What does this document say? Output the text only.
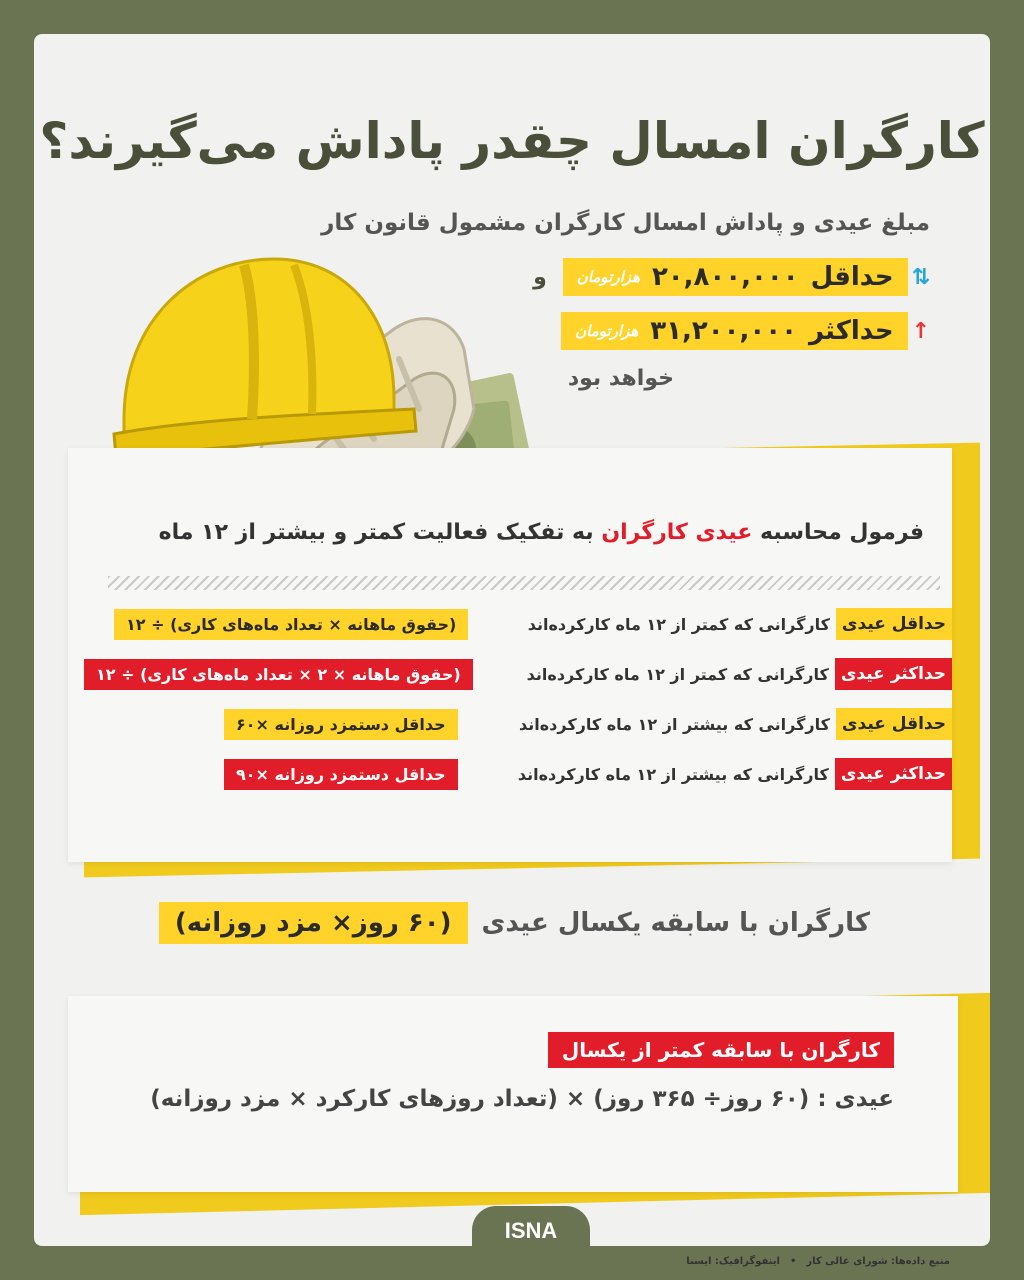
کارگران امسال چقدر پاداش می‌گیرند؟
مبلغ عیدی و پاداش امسال کارگران مشمول قانون کار
⇅
حداقل
۲۰,۸۰۰,۰۰۰
هزارتومان
و
↑
حداکثر
۳۱,۲۰۰,۰۰۰
هزارتومان
خواهد بود
فرمول محاسبه عیدی کارگران به تفکیک فعالیت کمتر و بیشتر از ۱۲ ماه
حداقل عیدی
کارگرانی که کمتر از ۱۲ ماه کارکرده‌اند
(حقوق ماهانه × تعداد ماه‌های کاری) ÷ ۱۲
حداکثر عیدی
کارگرانی که کمتر از ۱۲ ماه کارکرده‌اند
(حقوق ماهانه × ۲ × تعداد ماه‌های کاری) ÷ ۱۲
حداقل عیدی
کارگرانی که بیشتر از ۱۲ ماه کارکرده‌اند
حداقل دستمزد روزانه ×۶۰
حداکثر عیدی
کارگرانی که بیشتر از ۱۲ ماه کارکرده‌اند
حداقل دستمزد روزانه ×۹۰
کارگران با سابقه یکسال عیدی
(۶۰ روز× مزد روزانه)
کارگران با سابقه کمتر از یکسال
عیدی : (۶۰ روز÷ ۳۶۵ روز) × (تعداد روزهای کارکرد × مزد روزانه)
منبع داده‌ها: شورای عالی کار
•
اینفوگرافیک: ایسنا
ISNA
